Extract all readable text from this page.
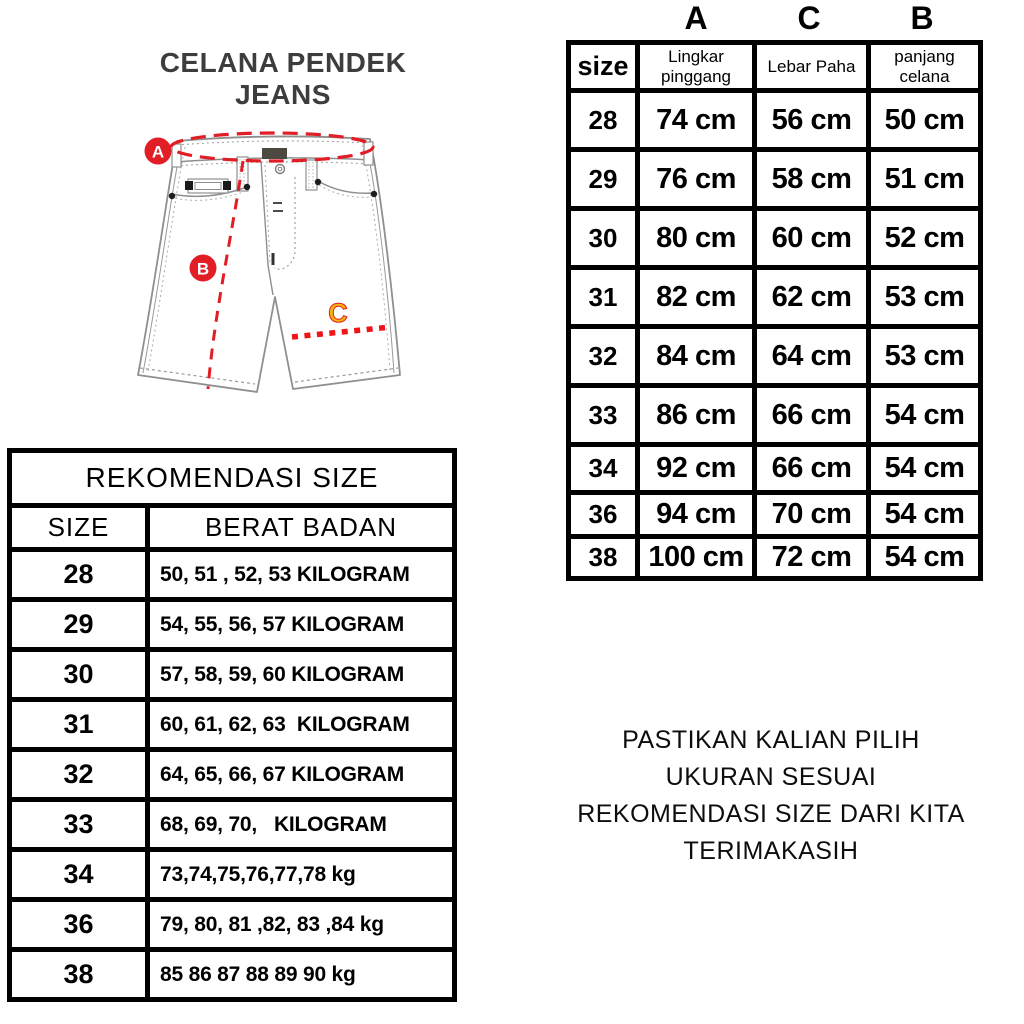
CELANA PENDEK JEANS
A
B
C
A	C	B
size	Lingkar pinggang	Lebar Paha	panjang celana
28	74 cm	56 cm	50 cm
29	76 cm	58 cm	51 cm
30	80 cm	60 cm	52 cm
31	82 cm	62 cm	53 cm
32	84 cm	64 cm	53 cm
33	86 cm	66 cm	54 cm
34	92 cm	66 cm	54 cm
36	94 cm	70 cm	54 cm
38	100 cm	72 cm	54 cm
REKOMENDASI SIZE	
SIZE	BERAT BADAN
28	50, 51 , 52, 53 KILOGRAM
29	54, 55, 56, 57 KILOGRAM
30	57, 58, 59, 60 KILOGRAM
31	60, 61, 62, 63  KILOGRAM
32	64, 65, 66, 67 KILOGRAM
33	68, 69, 70,   KILOGRAM
34	73,74,75,76,77,78 kg
36	79, 80, 81 ,82, 83 ,84 kg
38	85 86 87 88 89 90 kg
PASTIKAN KALIAN PILIH
UKURAN SESUAI
REKOMENDASI SIZE DARI KITA
TERIMAKASIH
